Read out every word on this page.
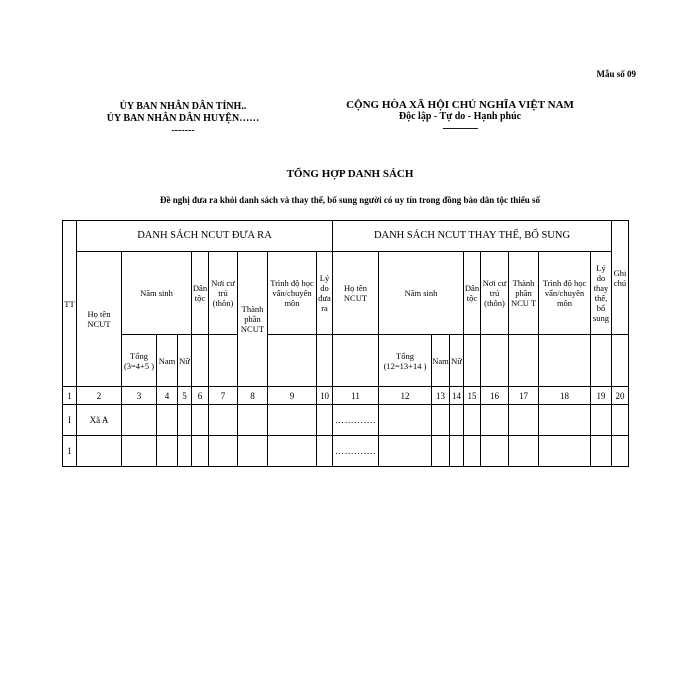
Mẫu số 09
ỦY BAN NHÂN DÂN TỈNH..
ỦY BAN NHÂN DÂN HUYỆN……
-------
CỘNG HÒA XÃ HỘI CHỦ NGHĨA VIỆT NAM
Độc lập - Tự do - Hạnh phúc
---------------
TỔNG HỢP DANH SÁCH
Đề nghị đưa ra khỏi danh sách và thay thế, bổ sung người có uy tín trong đồng bào dân tộc thiểu số
TT	DANH SÁCH NCUT ĐƯA RA									DANH SÁCH NCUT THAY THẾ, BỔ SUNG									Ghi chú
	Họ tên NCUT	Năm sinh			Dân tộc	Nơi cư trú (thôn)	Thành phần NCUT	Trình độ học vấn/chuyên môn	Lý do đưa ra	Họ tên NCUT	Năm sinh			Dân tộc	Nơi cư trú (thôn)	Thành phần NCU T	Trình độ học vấn/chuyên môn	Lý do thay thế, bổ sung	
		Tổng (3=4+5 )	Nam	Nữ							Tổng (12=13+14 )	Nam	Nữ						
1	2	3	4	5	6	7	8	9	10	11	12	13	14	15	16	17	18	19	20
I	Xã A									………….									
1										………….									
